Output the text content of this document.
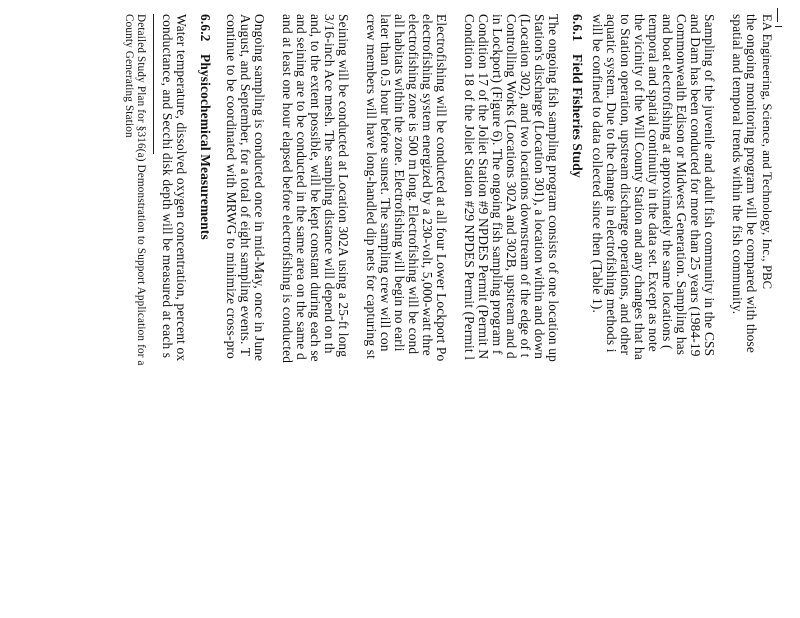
EA Engineering, Science, and Technology, Inc., PBC
the ongoing monitoring program will be compared with those
spatial and temporal trends within the fish community.
Sampling of the juvenile and adult fish community in the CSS
and Dam has been conducted for more than 25 years (1984-19
Commonwealth Edison or Midwest Generation. Sampling has
and boat electrofishing at approximately the same locations (
temporal and spatial continuity in the data set. Except as note
the vicinity of the Will County Station and any changes that ha
to Station operation, upstream discharge operations, and other
aquatic system. Due to the change in electrofishing methods i
will be confined to data collected since then (Table 1).
6.6.1Field Fisheries Study
The ongoing fish sampling program consists of one location up
Station's discharge (Location 301), a location within and down
(Location 302), and two locations downstream of the edge of t
Controlling Works (Locations 302A and 302B, upstream and d
in Lockport) (Figure 6). The ongoing fish sampling program f
Condition 17 of the Joliet Station #9 NPDES Permit (Permit N
Condition 18 of the Joliet Station #29 NPDES Permit (Permit l
Electrofishing will be conducted at all four Lower Lockport Po
electrofishing system energized by a 230-volt, 5,000-watt thre
electrofishing zone is 500 m long. Electrofishing will be cond
all habitats within the zone. Electrofishing will begin no earli
later than 0.5 hour before sunset. The sampling crew will con
crew members will have long-handled dip nets for capturing st
Seining will be conducted at Location 302A using a 25-ft long
3/16-inch Ace mesh. The sampling distance will depend on th
and, to the extent possible, will be kept constant during each se
and seining are to be conducted in the same area on the same d
and at least one hour elapsed before electrofishing is conducted
Ongoing sampling is conducted once in mid-May, once in June
August, and September, for a total of eight sampling events. T
continue to be coordinated with MRWG to minimize cross-pro
6.6.2Physicochemical Measurements
Water temperature, dissolved oxygen concentration, percent ox
conductance, and Secchi disk depth will be measured at each s
Detailed Study Plan for §316(a) Demonstration to Support Application for a
County Generating Station
